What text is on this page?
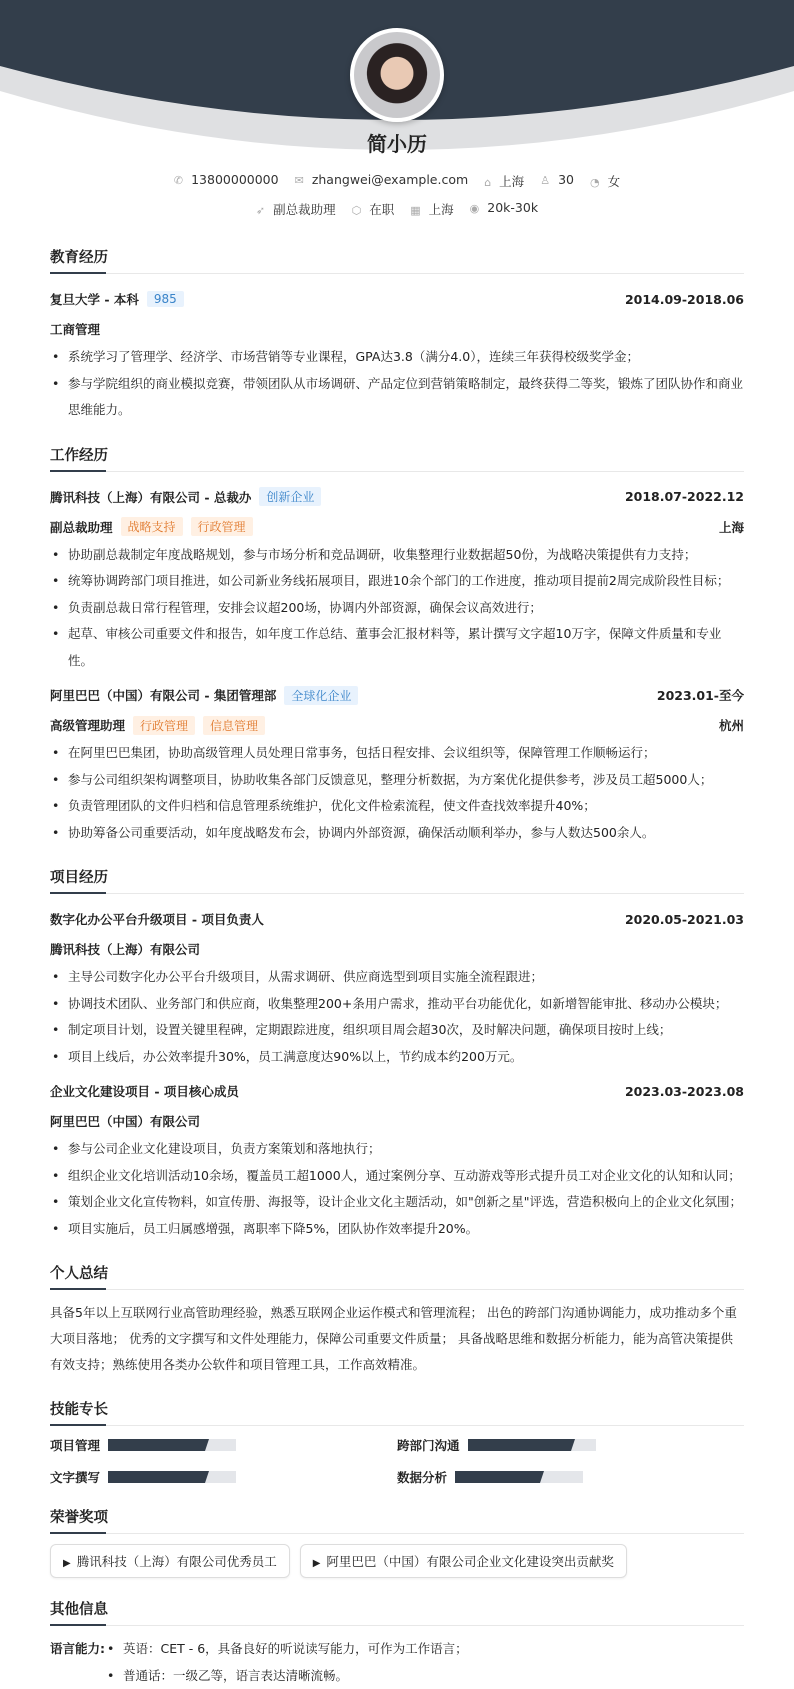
简小历
✆ 13800000000 ✉ zhangwei@example.com ⌂ 上海 ♙ 30 ◔ 女
➶ 副总裁助理 ⬡ 在职 ▦ 上海 ◉ 20k-30k
教育经历
复旦大学 - 本科	985	2014.09-2018.06
工商管理
• 系统学习了管理学、经济学、市场营销等专业课程，GPA达3.8（满分4.0），连续三年获得校级奖学金；
• 参与学院组织的商业模拟竞赛，带领团队从市场调研、产品定位到营销策略制定，最终获得二等奖，锻炼了团队协作和商业思维能力。
工作经历
腾讯科技（上海）有限公司 - 总裁办	创新企业	2018.07-2022.12
副总裁助理	战略支持	行政管理	上海
• 协助副总裁制定年度战略规划，参与市场分析和竞品调研，收集整理行业数据超50份，为战略决策提供有力支持；
• 统筹协调跨部门项目推进，如公司新业务线拓展项目，跟进10余个部门的工作进度，推动项目提前2周完成阶段性目标；
• 负责副总裁日常行程管理，安排会议超200场，协调内外部资源，确保会议高效进行；
• 起草、审核公司重要文件和报告，如年度工作总结、董事会汇报材料等，累计撰写文字超10万字，保障文件质量和专业性。
阿里巴巴（中国）有限公司 - 集团管理部	全球化企业	2023.01-至今
高级管理助理	行政管理	信息管理	杭州
• 在阿里巴巴集团，协助高级管理人员处理日常事务，包括日程安排、会议组织等，保障管理工作顺畅运行；
• 参与公司组织架构调整项目，协助收集各部门反馈意见，整理分析数据，为方案优化提供参考，涉及员工超5000人；
• 负责管理团队的文件归档和信息管理系统维护，优化文件检索流程，使文件查找效率提升40%；
• 协助筹备公司重要活动，如年度战略发布会，协调内外部资源，确保活动顺利举办，参与人数达500余人。
项目经历
数字化办公平台升级项目 - 项目负责人	2020.05-2021.03
腾讯科技（上海）有限公司
• 主导公司数字化办公平台升级项目，从需求调研、供应商选型到项目实施全流程跟进；
• 协调技术团队、业务部门和供应商，收集整理200+条用户需求，推动平台功能优化，如新增智能审批、移动办公模块；
• 制定项目计划，设置关键里程碑，定期跟踪进度，组织项目周会超30次，及时解决问题，确保项目按时上线；
• 项目上线后，办公效率提升30%，员工满意度达90%以上，节约成本约200万元。
企业文化建设项目 - 项目核心成员	2023.03-2023.08
阿里巴巴（中国）有限公司
• 参与公司企业文化建设项目，负责方案策划和落地执行；
• 组织企业文化培训活动10余场，覆盖员工超1000人，通过案例分享、互动游戏等形式提升员工对企业文化的认知和认同；
• 策划企业文化宣传物料，如宣传册、海报等，设计企业文化主题活动，如"创新之星"评选，营造积极向上的企业文化氛围；
• 项目实施后，员工归属感增强，离职率下降5%，团队协作效率提升20%。
个人总结

具备5年以上互联网行业高管助理经验，熟悉互联网企业运作模式和管理流程； 出色的跨部门沟通协调能力，成功推动多个重大项目落地； 优秀的文字撰写和文件处理能力，保障公司重要文件质量； 具备战略思维和数据分析能力，能为高管决策提供有效支持；熟练使用各类办公软件和项目管理工具，工作高效精准。

技能专长
项目管理	跨部门沟通
文字撰写	数据分析
荣誉奖项
▶ 腾讯科技（上海）有限公司优秀员工	▶ 阿里巴巴（中国）有限公司企业文化建设突出贡献奖
其他信息
语言能力:	• 英语：CET - 6，具备良好的听说读写能力，可作为工作语言；
• 普通话：一级乙等，语言表达清晰流畅。
